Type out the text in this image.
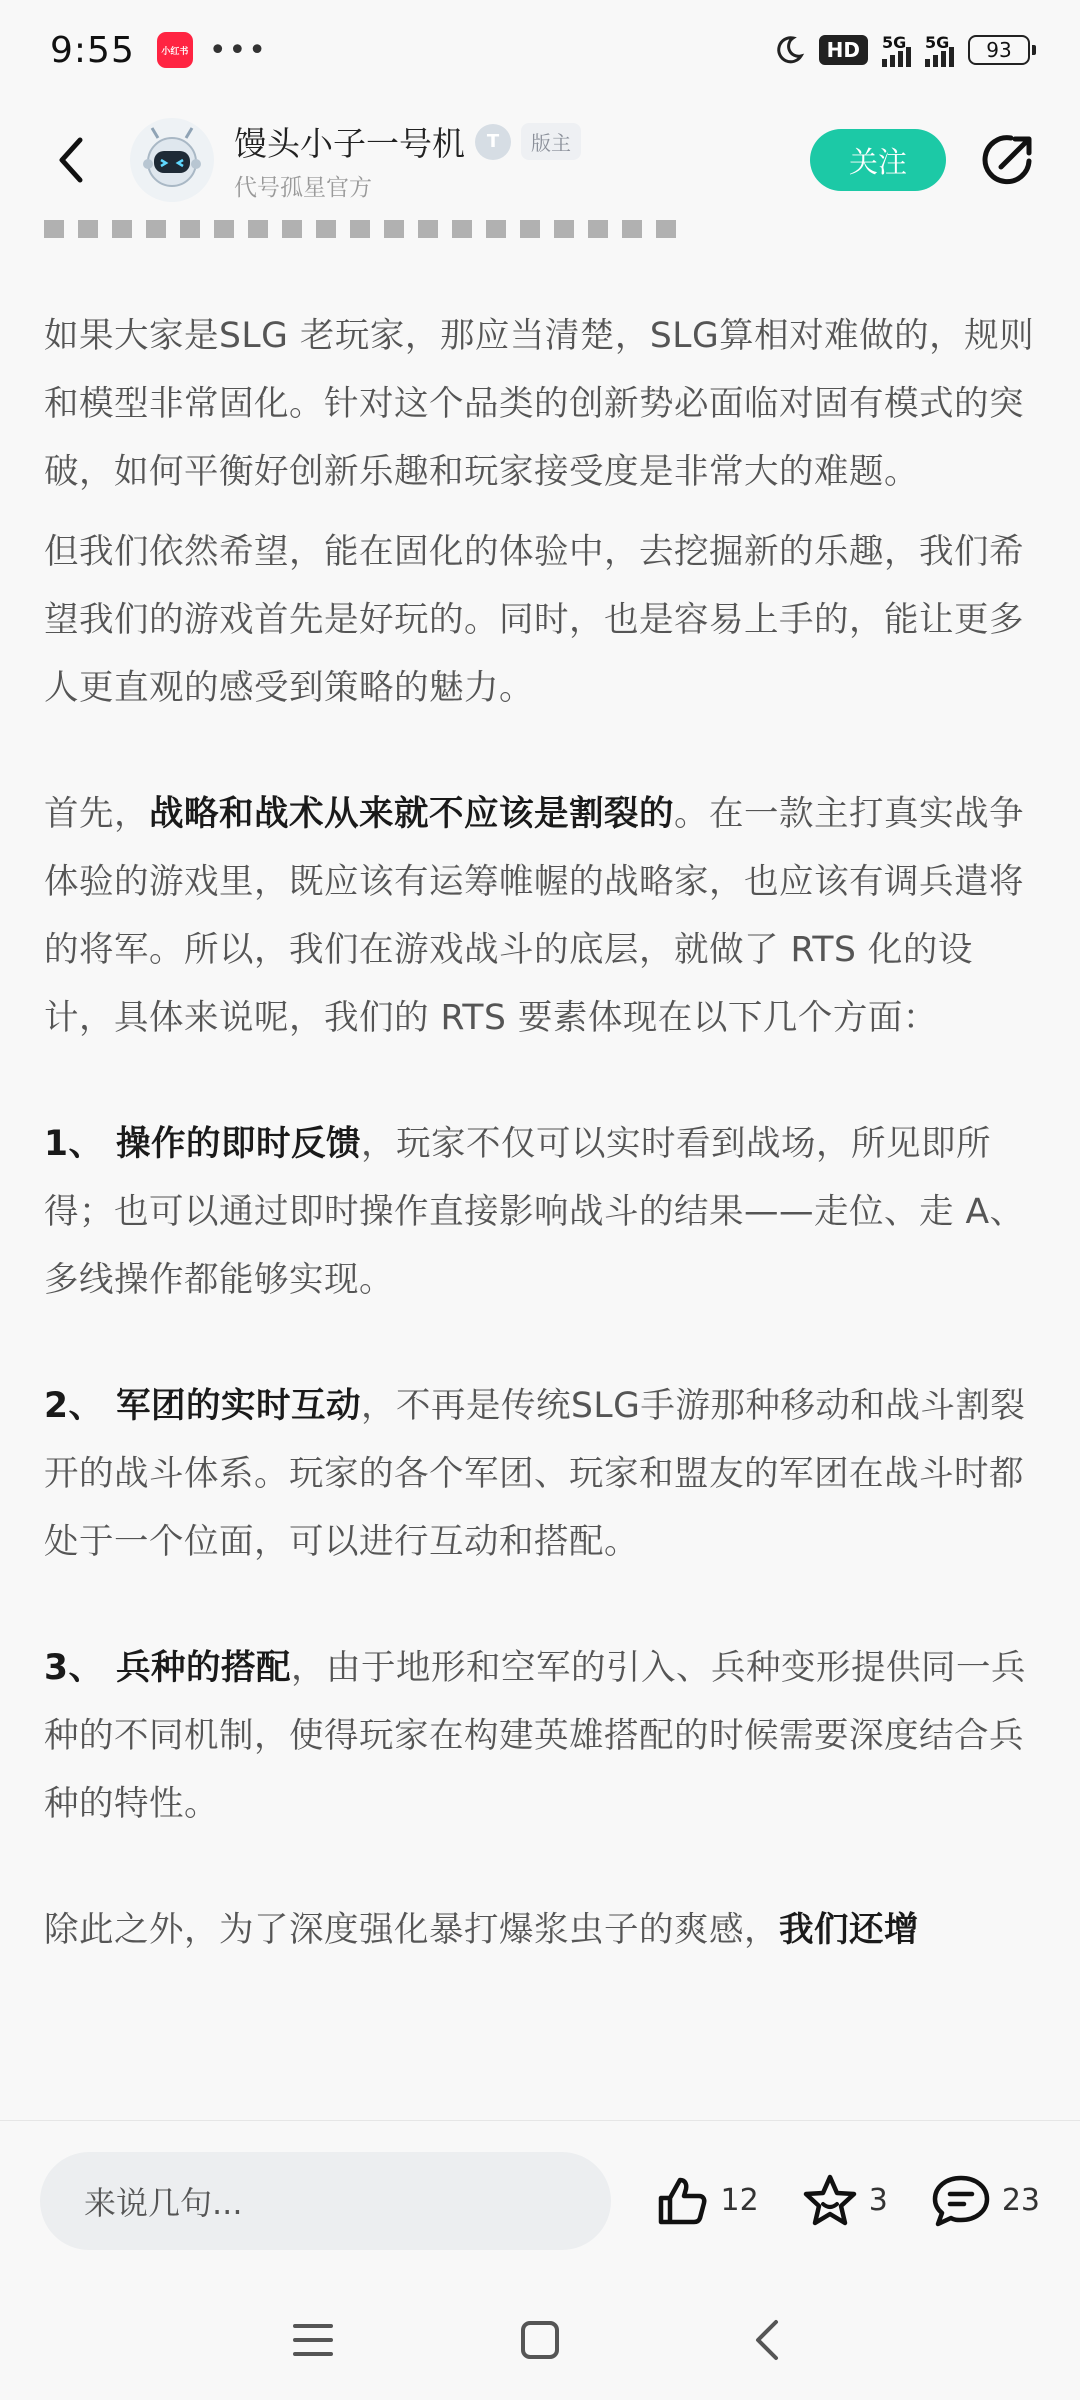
9:55	小红书 •••	HD	5G 5G 93
馒头小子一号机	T	版主
代号孤星官方
关注

如果大家是SLG 老玩家，那应当清楚，SLG算相对难做的，规则和模型非常固化。针对这个品类的创新势必面临对固有模式的突破，如何平衡好创新乐趣和玩家接受度是非常大的难题。

但我们依然希望，能在固化的体验中，去挖掘新的乐趣，我们希望我们的游戏首先是好玩的。同时，也是容易上手的，能让更多人更直观的感受到策略的魅力。

首先，战略和战术从来就不应该是割裂的。在一款主打真实战争体验的游戏里，既应该有运筹帷幄的战略家，也应该有调兵遣将的将军。所以，我们在游戏战斗的底层，就做了 RTS 化的设计，具体来说呢，我们的 RTS 要素体现在以下几个方面：

1、 操作的即时反馈，玩家不仅可以实时看到战场，所见即所得；也可以通过即时操作直接影响战斗的结果——走位、走 A、多线操作都能够实现。

2、 军团的实时互动，不再是传统SLG手游那种移动和战斗割裂开的战斗体系。玩家的各个军团、玩家和盟友的军团在战斗时都处于一个位面，可以进行互动和搭配。

3、 兵种的搭配，由于地形和空军的引入、兵种变形提供同一兵种的不同机制，使得玩家在构建英雄搭配的时候需要深度结合兵种的特性。

除此之外，为了深度强化暴打爆浆虫子的爽感，我们还增

来说几句...	12	3	23
